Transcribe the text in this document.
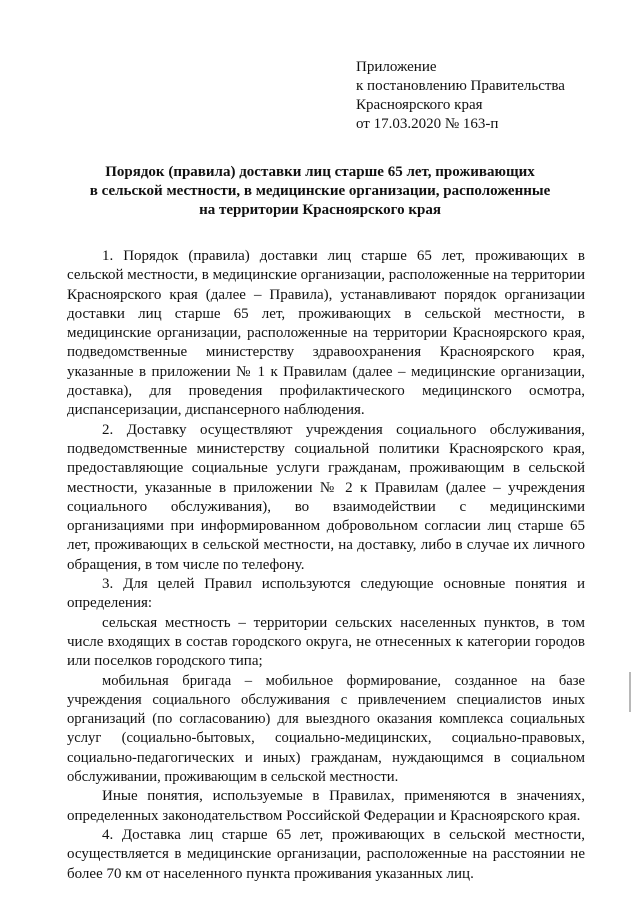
Приложение
к постановлению Правительства
Красноярского края
от 17.03.2020 № 163-п
Порядок (правила) доставки лиц старше 65 лет, проживающих
в сельской местности, в медицинские организации, расположенные
на территории Красноярского края

1. Порядок (правила) доставки лиц старше 65 лет, проживающих в сельской местности, в медицинские организации, расположенные на территории Красноярского края (далее – Правила), устанавливают порядок организации доставки лиц старше 65 лет, проживающих в сельской местности, в медицинские организации, расположенные на территории Красноярского края, подведомственные министерству здравоохранения Красноярского края, указанные в приложении № 1 к Правилам (далее – медицинские организации, доставка), для проведения профилактического медицинского осмотра, диспансеризации, диспансерного наблюдения.

2. Доставку осуществляют учреждения социального обслуживания, подведомственные министерству социальной политики Красноярского края, предоставляющие социальные услуги гражданам, проживающим в сельской местности, указанные в приложении № 2 к Правилам (далее – учреждения социального обслуживания), во взаимодействии с медицинскими организациями при информированном добровольном согласии лиц старше 65 лет, проживающих в сельской местности, на доставку, либо в случае их личного обращения, в том числе по телефону.

3. Для целей Правил используются следующие основные понятия и определения:

сельская местность – территории сельских населенных пунктов, в том числе входящих в состав городского округа, не отнесенных к категории городов или поселков городского типа;

мобильная бригада – мобильное формирование, созданное на базе учреждения социального обслуживания с привлечением специалистов иных организаций (по согласованию) для выездного оказания комплекса социальных услуг (социально-бытовых, социально-медицинских, социально-правовых, социально-педагогических и иных) гражданам, нуждающимся в социальном обслуживании, проживающим в сельской местности.

Иные понятия, используемые в Правилах, применяются в значениях, определенных законодательством Российской Федерации и Красноярского края.

4. Доставка лиц старше 65 лет, проживающих в сельской местности, осуществляется в медицинские организации, расположенные на расстоянии не более 70 км от населенного пункта проживания указанных лиц.
